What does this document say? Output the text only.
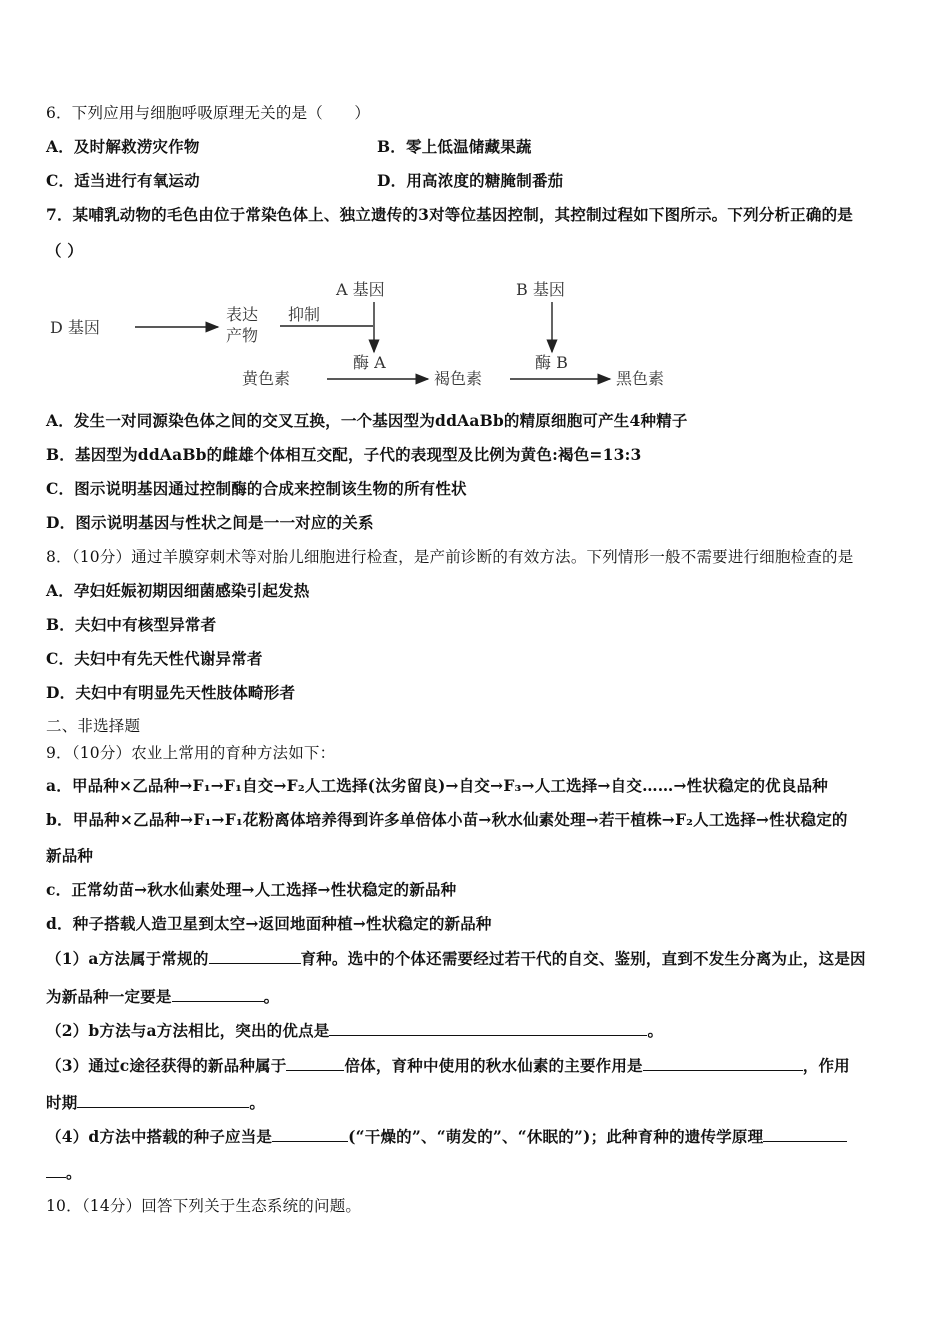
6．下列应用与细胞呼吸原理无关的是（　　）
A．及时解救涝灾作物	B．零上低温储藏果蔬
C．适当进行有氧运动	D．用高浓度的糖腌制番茄
7．某哺乳动物的毛色由位于常染色体上、独立遗传的3对等位基因控制，其控制过程如下图所示。下列分析正确的是
（ ）
D 基因
表达
产物
抑制
A 基因	B 基因
酶 A	酶 B
黄色素	褐色素	黑色素
A．发生一对同源染色体之间的交叉互换，一个基因型为ddAaBb的精原细胞可产生4种精子
B．基因型为ddAaBb的雌雄个体相互交配，子代的表现型及比例为黄色:褐色=13:3
C．图示说明基因通过控制酶的合成来控制该生物的所有性状
D．图示说明基因与性状之间是一一对应的关系
8．（10分）通过羊膜穿刺术等对胎儿细胞进行检查，是产前诊断的有效方法。下列情形一般不需要进行细胞检查的是
A．孕妇妊娠初期因细菌感染引起发热
B．夫妇中有核型异常者
C．夫妇中有先天性代谢异常者
D．夫妇中有明显先天性肢体畸形者
二、非选择题
9．（10分）农业上常用的育种方法如下：
a．甲品种×乙品种→F₁→F₁自交→F₂人工选择(汰劣留良)→自交→F₃→人工选择→自交……→性状稳定的优良品种
b．甲品种×乙品种→F₁→F₁花粉离体培养得到许多单倍体小苗→秋水仙素处理→若干植株→F₂人工选择→性状稳定的
新品种
c．正常幼苗→秋水仙素处理→人工选择→性状稳定的新品种
d．种子搭载人造卫星到太空→返回地面种植→性状稳定的新品种
（1）a方法属于常规的	育种。选中的个体还需要经过若干代的自交、鉴别，直到不发生分离为止，这是因
为新品种一定要是	。
（2）b方法与a方法相比，突出的优点是	。
（3）通过c途径获得的新品种属于	倍体，育种中使用的秋水仙素的主要作用是	，作用
时期	。
（4）d方法中搭载的种子应当是	(“干燥的”、“萌发的”、“休眠的”)；此种育种的遗传学原理
。
10．（14分）回答下列关于生态系统的问题。
